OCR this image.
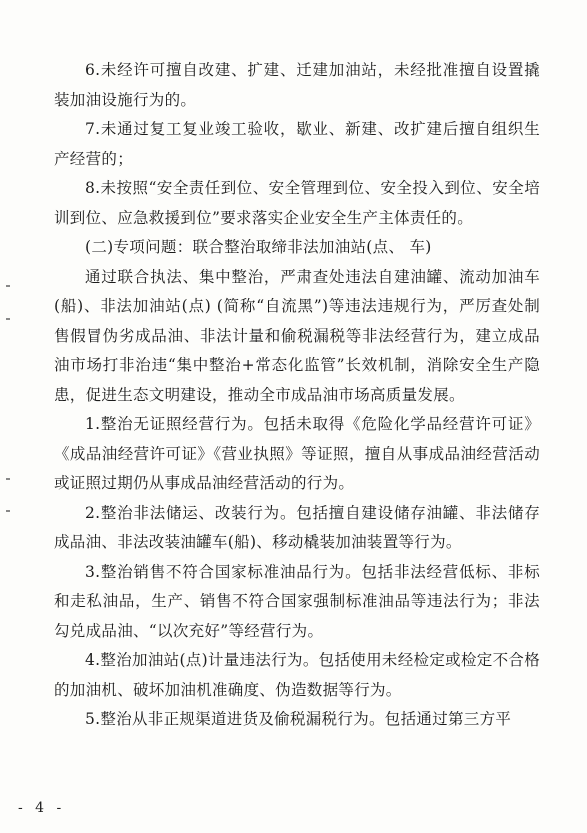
6.未经许可擅自改建、扩建、迁建加油站，未经批准擅自设置撬装加油设施行为的。

7.未通过复工复业竣工验收，歇业、新建、改扩建后擅自组织生产经营的；

8.未按照“安全责任到位、安全管理到位、安全投入到位、安全培训到位、应急救援到位”要求落实企业安全生产主体责任的。

(二)专项问题：联合整治取缔非法加油站(点、 车)

通过联合执法、集中整治，严肃查处违法自建油罐、流动加油车(船)、非法加油站(点) (简称“自流黑”)等违法违规行为，严厉查处制售假冒伪劣成品油、非法计量和偷税漏税等非法经营行为，建立成品油市场打非治违“集中整治+常态化监管”长效机制，消除安全生产隐患，促进生态文明建设，推动全市成品油市场高质量发展。

1.整治无证照经营行为。包括未取得《危险化学品经营许可证》《成品油经营许可证》《营业执照》等证照，擅自从事成品油经营活动或证照过期仍从事成品油经营活动的行为。

2.整治非法储运、改装行为。包括擅自建设储存油罐、非法储存成品油、非法改装油罐车(船)、移动橇装加油装置等行为。

3.整治销售不符合国家标准油品行为。包括非法经营低标、非标和走私油品，生产、销售不符合国家强制标准油品等违法行为；非法勾兑成品油、“以次充好”等经营行为。

4.整治加油站(点)计量违法行为。包括使用未经检定或检定不合格的加油机、破坏加油机准确度、伪造数据等行为。

5.整治从非正规渠道进货及偷税漏税行为。包括通过第三方平

- 4 -
